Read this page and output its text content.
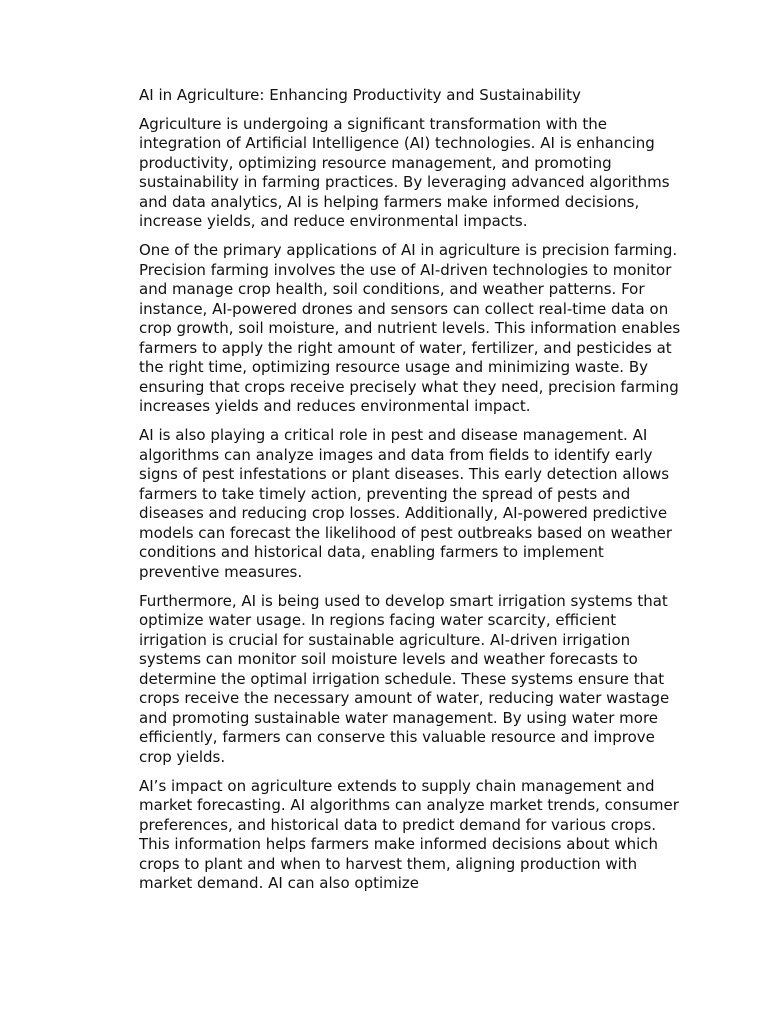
AI in Agriculture: Enhancing Productivity and Sustainability

Agriculture is undergoing a significant transformation with the integration of Artificial Intelligence (AI) technologies. AI is enhancing productivity, optimizing resource management, and promoting sustainability in farming practices. By leveraging advanced algorithms and data analytics, AI is helping farmers make informed decisions, increase yields, and reduce environmental impacts.

One of the primary applications of AI in agriculture is precision farming. Precision farming involves the use of AI-driven technologies to monitor and manage crop health, soil conditions, and weather patterns. For instance, AI-powered drones and sensors can collect real-time data on crop growth, soil moisture, and nutrient levels. This information enables farmers to apply the right amount of water, fertilizer, and pesticides at the right time, optimizing resource usage and minimizing waste. By ensuring that crops receive precisely what they need, precision farming increases yields and reduces environmental impact.

AI is also playing a critical role in pest and disease management. AI algorithms can analyze images and data from fields to identify early signs of pest infestations or plant diseases. This early detection allows farmers to take timely action, preventing the spread of pests and diseases and reducing crop losses. Additionally, AI-powered predictive models can forecast the likelihood of pest outbreaks based on weather conditions and historical data, enabling farmers to implement preventive measures.

Furthermore, AI is being used to develop smart irrigation systems that optimize water usage. In regions facing water scarcity, efficient irrigation is crucial for sustainable agriculture. AI-driven irrigation systems can monitor soil moisture levels and weather forecasts to determine the optimal irrigation schedule. These systems ensure that crops receive the necessary amount of water, reducing water wastage and promoting sustainable water management. By using water more efficiently, farmers can conserve this valuable resource and improve crop yields.

AI’s impact on agriculture extends to supply chain management and market forecasting. AI algorithms can analyze market trends, consumer preferences, and historical data to predict demand for various crops. This information helps farmers make informed decisions about which crops to plant and when to harvest them, aligning production with market demand. AI can also optimize
